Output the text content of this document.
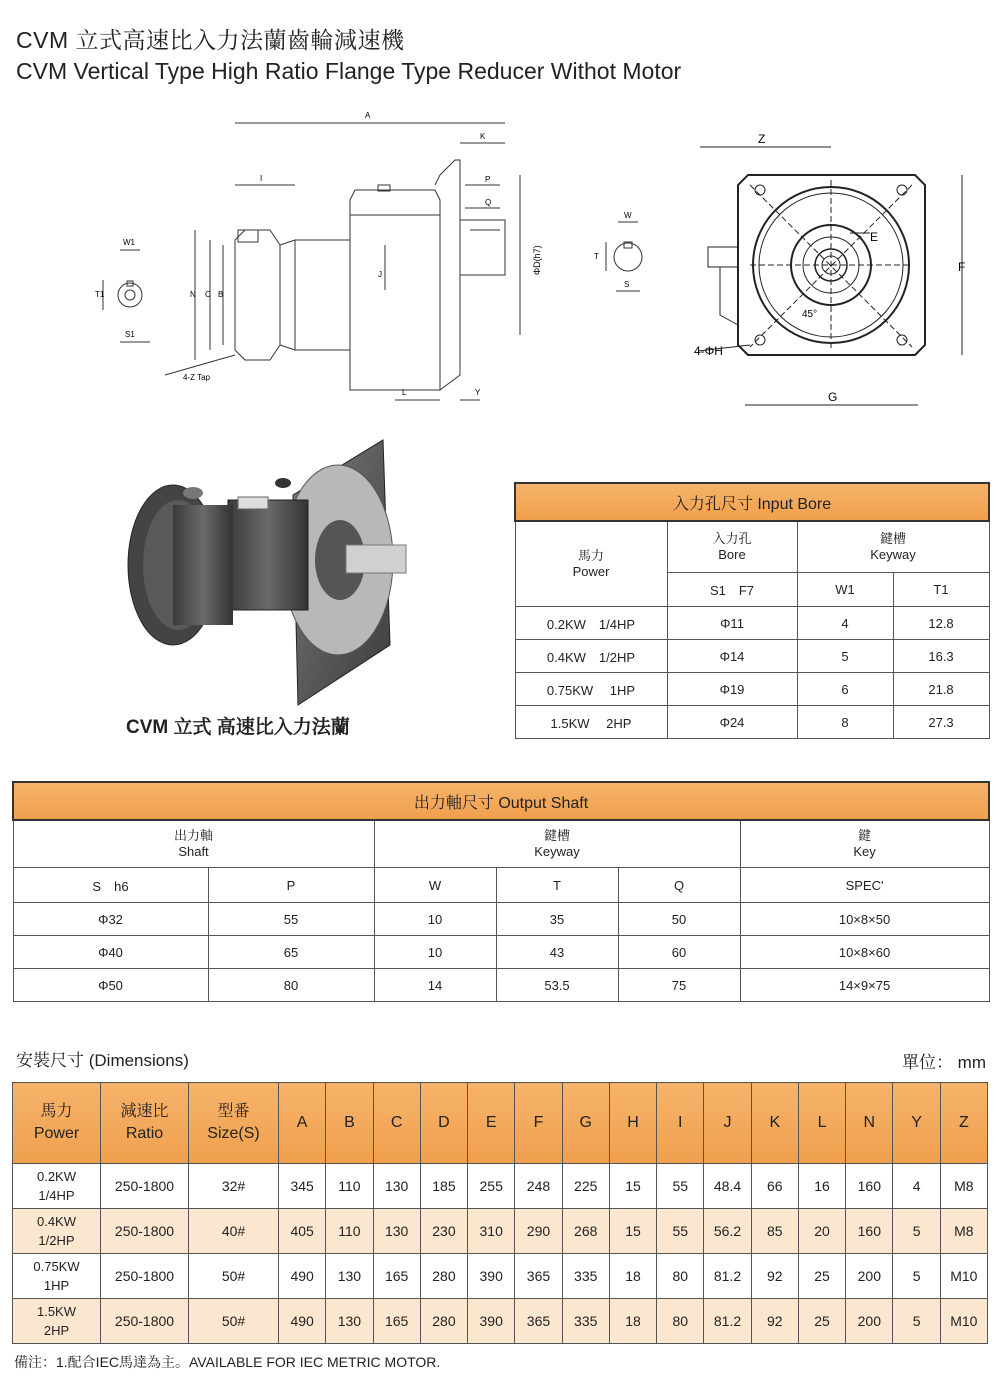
CVM 立式高速比入力法蘭齒輪減速機
CVM Vertical Type High Ratio Flange Type Reducer Withot Motor
A
K
I	P
Q
W1
T1
S1
N C B
J	ΦD(h7)
4-Z Tap
L	Y
W
T
S
Z
E
F
G
4-ΦH
45°
CVM 立式 高速比入力法蘭
入力孔尺寸 Input Bore			

馬力
Power	入力孔
Bore	鍵槽
Keyway	

	S1　F7	W1	T1
0.2KW　1/4HP	Φ11	4	12.8
0.4KW　1/2HP	Φ14	5	16.3
0.75KW　 1HP	Φ19	6	21.8
1.5KW　 2HP	Φ24	8	27.3
出力軸尺寸 Output Shaft					

出力軸
Shaft		鍵槽
Keyway			鍵
Key

S　h6	P	W	T	Q	SPEC'
Φ32	55	10	35	50	10×8×50
Φ40	65	10	43	60	10×8×60
Φ50	80	14	53.5	75	14×9×75
安裝尺寸 (Dimensions)	單位： mm
馬力
Power	減速比
Ratio	型番
Size(S)	A	B	C	D	E	F	G	H	I	J	K	L	N	Y	Z

0.2KW
1/4HP	250-1800	32#	345	110	130	185	255	248	225	15	55	48.4	66	16	160	4	M8

0.4KW
1/2HP	250-1800	40#	405	110	130	230	310	290	268	15	55	56.2	85	20	160	5	M8

0.75KW
1HP	250-1800	50#	490	130	165	280	390	365	335	18	80	81.2	92	25	200	5	M10

1.5KW
2HP	250-1800	50#	490	130	165	280	390	365	335	18	80	81.2	92	25	200	5	M10
備注：1.配合IEC馬達為主。AVAILABLE FOR IEC METRIC MOTOR.
